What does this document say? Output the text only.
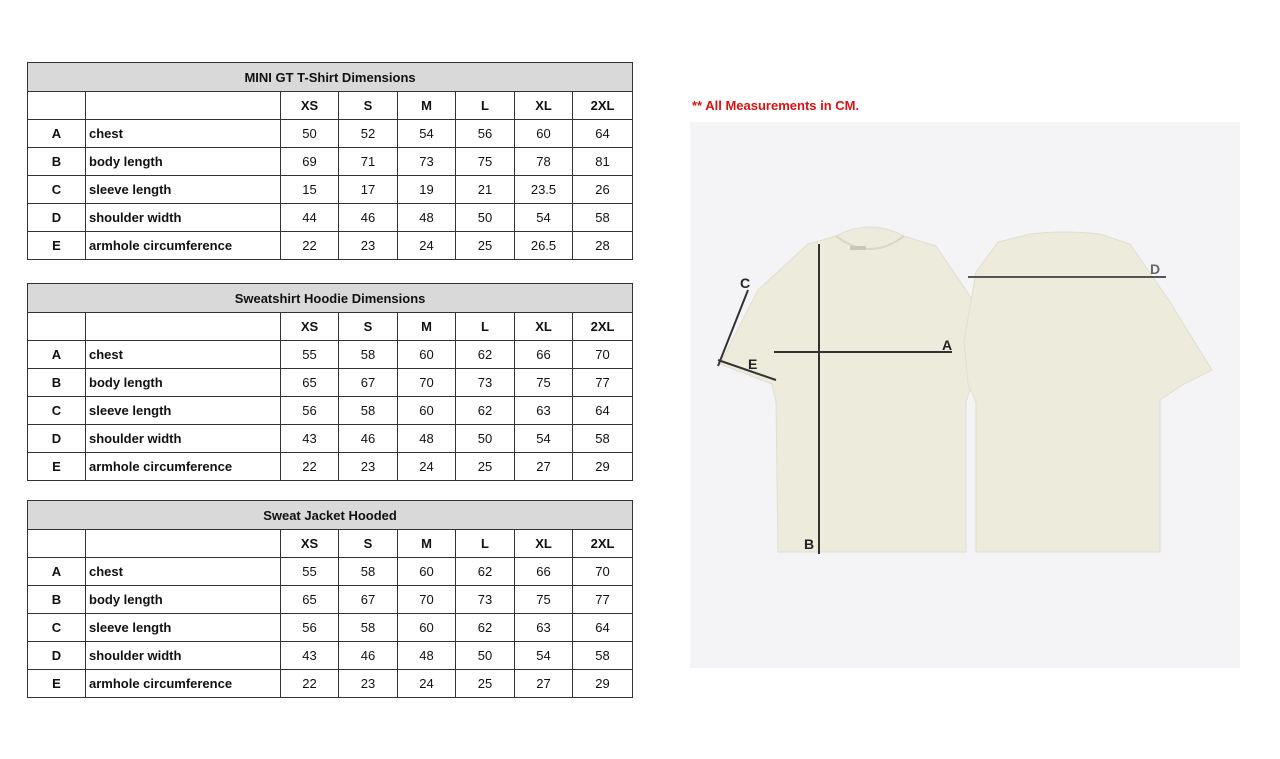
MINI GT T-Shirt Dimensions							
		XS	S	M	L	XL	2XL
A	chest	50	52	54	56	60	64
B	body length	69	71	73	75	78	81
C	sleeve length	15	17	19	21	23.5	26
D	shoulder width	44	46	48	50	54	58
E	armhole circumference	22	23	24	25	26.5	28
Sweatshirt Hoodie Dimensions							
		XS	S	M	L	XL	2XL
A	chest	55	58	60	62	66	70
B	body length	65	67	70	73	75	77
C	sleeve length	56	58	60	62	63	64
D	shoulder width	43	46	48	50	54	58
E	armhole circumference	22	23	24	25	27	29
Sweat Jacket Hooded							
		XS	S	M	L	XL	2XL
A	chest	55	58	60	62	66	70
B	body length	65	67	70	73	75	77
C	sleeve length	56	58	60	62	63	64
D	shoulder width	43	46	48	50	54	58
E	armhole circumference	22	23	24	25	27	29
** All Measurements in CM.
A
B
C
D
E
